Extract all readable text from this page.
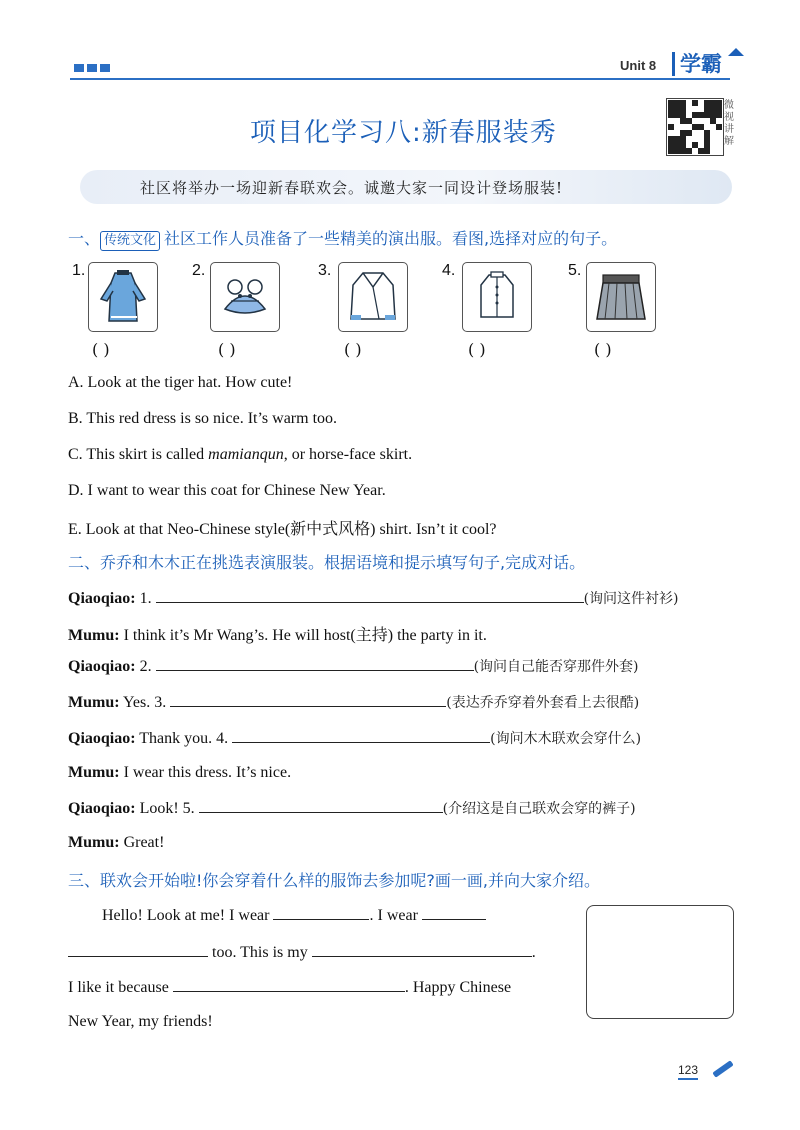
Unit 8	学霸
项目化学习八:新春服装秀
微视讲解
社区将举办一场迎新春联欢会。诚邀大家一同设计登场服装!
一、 传统文化 社区工作人员准备了一些精美的演出服。看图,选择对应的句子。
1.
( )
2.
( )
3.
( )
4.
( )
5.
( )
A. Look at the tiger hat. How cute!
B. This red dress is so nice. It’s warm too.
C. This skirt is called mamianqun, or horse-face skirt.
D. I want to wear this coat for Chinese New Year.
E. Look at that Neo-Chinese style(新中式风格) shirt. Isn’t it cool?
二、乔乔和木木正在挑选表演服装。根据语境和提示填写句子,完成对话。
Qiaoqiao: 1.	(询问这件衬衫)
Mumu: I think it’s Mr Wang’s. He will host(主持) the party in it.
Qiaoqiao: 2.	(询问自己能否穿那件外套)
Mumu: Yes. 3.	(表达乔乔穿着外套看上去很酷)
Qiaoqiao: Thank you. 4.	(询问木木联欢会穿什么)
Mumu: I wear this dress. It’s nice.
Qiaoqiao: Look! 5.	(介绍这是自己联欢会穿的裤子)
Mumu: Great!
三、联欢会开始啦!你会穿着什么样的服饰去参加呢?画一画,并向大家介绍。
Hello! Look at me! I wear	. I wear
too. This is my	.
I like it because	. Happy Chinese
New Year, my friends!
123
